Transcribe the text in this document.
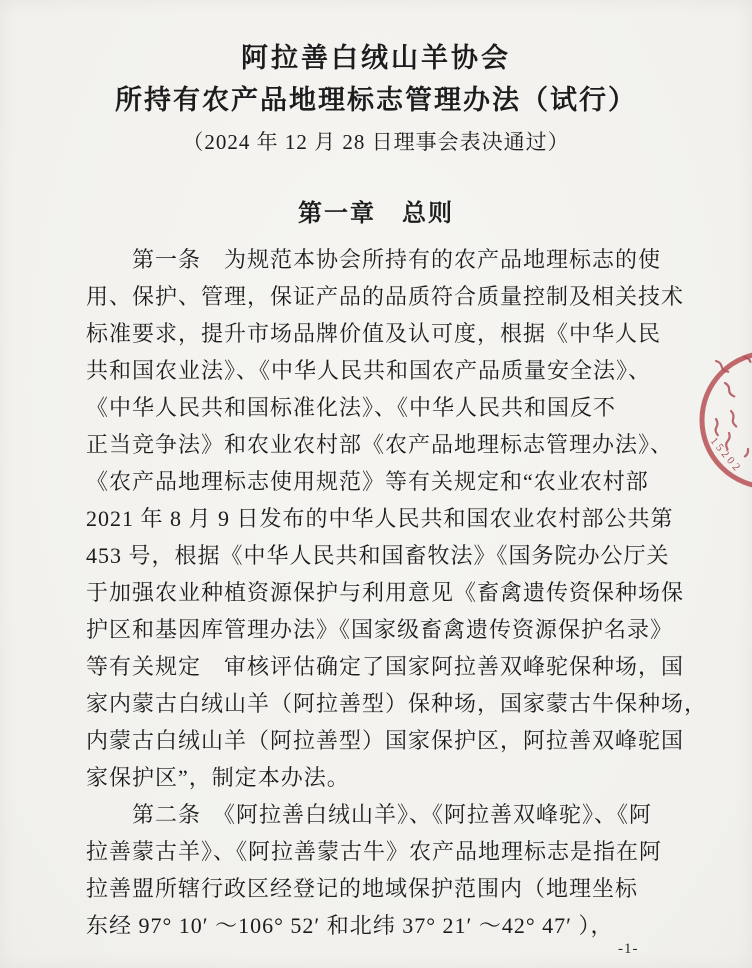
阿拉善白绒山羊协会
所持有农产品地理标志管理办法（试行）
（2024 年 12 月 28 日理事会表决通过）
第一章　总则
　　第一条　为规范本协会所持有的农产品地理标志的使
用、保护、管理，保证产品的品质符合质量控制及相关技术
标准要求，提升市场品牌价值及认可度，根据《中华人民
共和国农业法》、《中华人民共和国农产品质量安全法》、
《中华人民共和国标准化法》、《中华人民共和国反不
正当竞争法》和农业农村部《农产品地理标志管理办法》、
《农产品地理标志使用规范》等有关规定和“农业农村部
2021 年 8 月 9 日发布的中华人民共和国农业农村部公共第
453 号，根据《中华人民共和国畜牧法》《国务院办公厅关
于加强农业种植资源保护与利用意见《畜禽遗传资保种场保
护区和基因库管理办法》《国家级畜禽遗传资源保护名录》
等有关规定　审核评估确定了国家阿拉善双峰驼保种场，国
家内蒙古白绒山羊（阿拉善型）保种场，国家蒙古牛保种场，
内蒙古白绒山羊（阿拉善型）国家保护区，阿拉善双峰驼国
家保护区”，制定本办法。
　　第二条　《阿拉善白绒山羊》、《阿拉善双峰驼》、《阿
拉善蒙古羊》、《阿拉善蒙古牛》农产品地理标志是指在阿
拉善盟所辖行政区经登记的地域保护范围内（地理坐标
东经 97° 10′ ～106° 52′ 和北纬 37° 21′ ～42° 47′ ），
15202
-1-
